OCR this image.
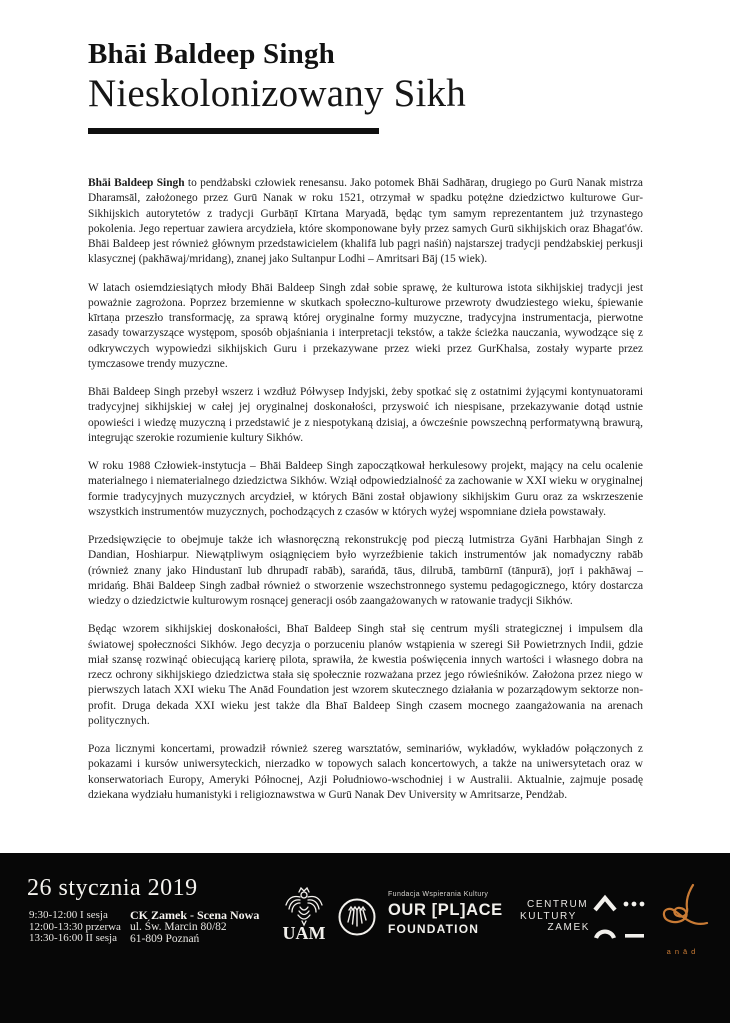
Bhāi Baldeep Singh
Nieskolonizowany Sikh

Bhāi Baldeep Singh to pendżabski człowiek renesansu. Jako potomek Bhāi Sadhāraṇ, drugiego po Gurū Nanak mistrza Dharamsāl, założonego przez Gurū Nanak w roku 1521, otrzymał w spadku potężne dziedzictwo kulturowe Gur-Sikhijskich autorytetów z tradycji Gurbāṇī Kīrtana Maryadā, będąc tym samym reprezentantem już trzynastego pokolenia. Jego repertuar zawiera arcydzieła, które skomponowane były przez samych Gurū sikhijskich oraz Bhagat'ów. Bhāi Baldeep jest również głównym przedstawicielem (khalifā lub pagṛi naśiṅ) najstarszej tradycji pendżabskiej perkusji klasycznej (pakhāwaj/mridang), znanej jako Sultanpur Lodhi – Amritsari Bāj (15 wiek).

W latach osiemdziesiątych młody Bhāi Baldeep Singh zdał sobie sprawę, że kulturowa istota sikhijskiej tradycji jest poważnie zagrożona. Poprzez brzemienne w skutkach społeczno-kulturowe przewroty dwudziestego wieku, śpiewanie kīrtaṇa przeszło transformację, za sprawą której oryginalne formy muzyczne, tradycyjna instrumentacja, pierwotne zasady towarzyszące występom, sposób objaśniania i interpretacji tekstów, a także ścieżka nauczania, wywodzące się z odkrywczych wypowiedzi sikhijskich Guru i przekazywane przez wieki przez GurKhalsa, zostały wyparte przez tymczasowe trendy muzyczne.

Bhāi Baldeep Singh przebył wszerz i wzdłuż Półwysep Indyjski, żeby spotkać się z ostatnimi żyjącymi kontynuatorami tradycyjnej sikhijskiej w całej jej oryginalnej doskonałości, przyswoić ich niespisane, przekazywanie dotąd ustnie opowieści i wiedzę muzyczną i przedstawić je z niespotykaną dzisiaj, a ówcześnie powszechną performatywną brawurą, integrując szerokie rozumienie kultury Sikhów.

W roku 1988 Człowiek-instytucja – Bhāi Baldeep Singh zapoczątkował herkulesowy projekt, mający na celu ocalenie materialnego i niematerialnego dziedzictwa Sikhów. Wziął odpowiedzialność za zachowanie w XXI wieku w oryginalnej formie tradycyjnych muzycznych arcydzieł, w których Bāni został objawiony sikhijskim Guru oraz za wskrzeszenie wszystkich instrumentów muzycznych, pochodzących z czasów w których wyżej wspomniane dzieła powstawały.

Przedsięwzięcie to obejmuje także ich własnoręczną rekonstrukcję pod pieczą lutmistrza Gyāni Harbhajan Singh z Dandian, Hoshiarpur. Niewątpliwym osiągnięciem było wyrzeźbienie takich instrumentów jak nomadyczny rabāb (również znany jako Hindustanī lub dhrupadī rabāb), sarańdā, tāus, dilrubā, tambūrnī (tānpurā), joṛī i pakhāwaj – mridańg. Bhāi Baldeep Singh zadbał również o stworzenie wszechstronnego systemu pedagogicznego, który dostarcza wiedzy o dziedzictwie kulturowym rosnącej generacji osób zaangażowanych w ratowanie tradycji Sikhów.

Będąc wzorem sikhijskiej doskonałości, Bhaī Baldeep Singh stał się centrum myśli strategicznej i impulsem dla światowej społeczności Sikhów. Jego decyzja o porzuceniu planów wstąpienia w szeregi Sił Powietrznych Indii, gdzie miał szansę rozwinąć obiecującą karierę pilota, sprawiła, że kwestia poświęcenia innych wartości i własnego dobra na rzecz ochrony sikhijskiego dziedzictwa stała się społecznie rozważana przez jego rówieśników. Założona przez niego w pierwszych latach XXI wieku The Anād Foundation jest wzorem skutecznego działania w pozarządowym sektorze non-profit. Druga dekada XXI wieku jest także dla Bhaī Baldeep Singh czasem mocnego zaangażowania na arenach politycznych.

Poza licznymi koncertami, prowadził również szereg warsztatów, seminariów, wykładów, wykładów połączonych z pokazami i kursów uniwersyteckich, nierzadko w topowych salach koncertowych, a także na uniwersytetach oraz w konserwatoriach Europy, Ameryki Północnej, Azji Południowo-wschodniej i w Australii. Aktualnie, zajmuje posadę dziekana wydziału humanistyki i religioznawstwa w Gurū Nanak Dev University w Amritsarze, Pendżab.

26 stycznia 2019
9:30-12:00 I sesja
12:00-13:30 przerwa
13:30-16:00 II sesja
CK Zamek - Scena Nowa
ul. Św. Marcin 80/82
61-809 Poznań	UAM
Fundacja Wspierania Kultury
OUR [PL]ACE
FOUNDATION
CENTRUM
KULTURY
ZAMEK
anād
